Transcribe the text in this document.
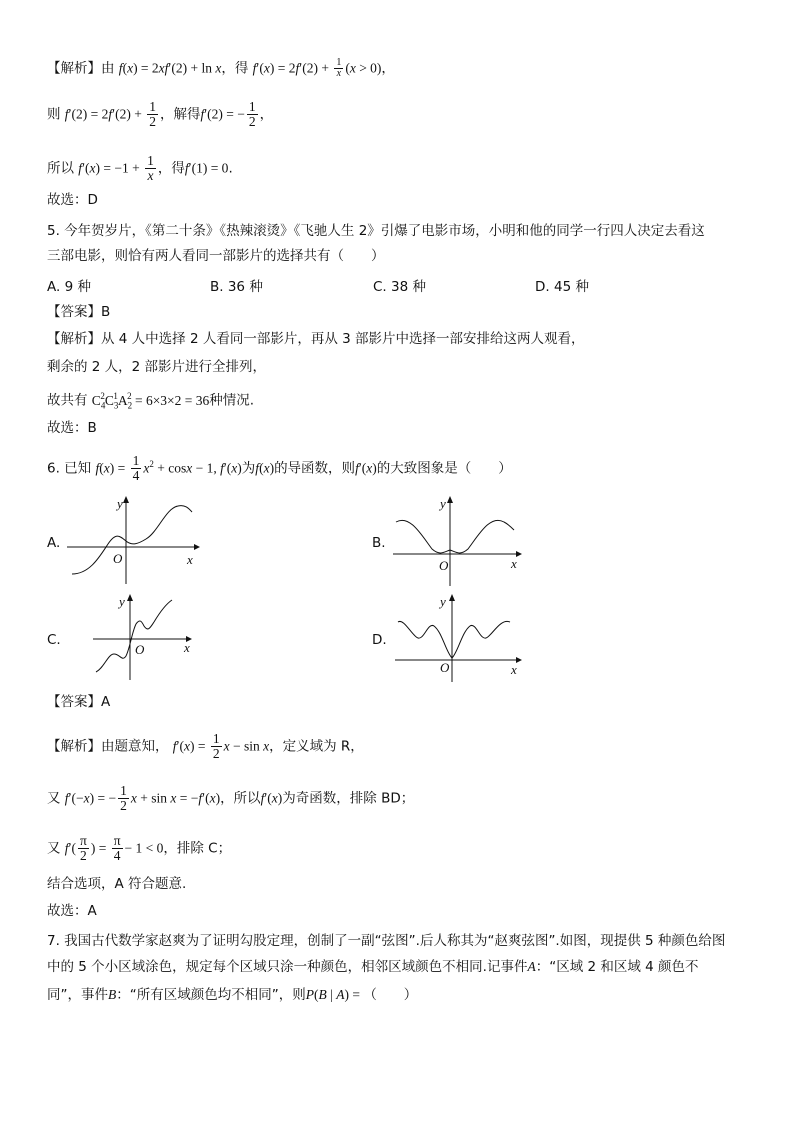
【解析】由 f(x) = 2xf′(2) + ln x，得 $f'(x) = 2f'(2) + \frac{1}{x} (x > 0)$，
则 $f'(2) = 2f'(2) + \frac{1}{2}$ ，解得f′(2) = − $\frac{1}{2}$ ，
所以 $f'(x) = -1 + \frac{1}{x}$ ，得f′(1) = 0.
故选：D
5. 今年贺岁片，《第二十条》《热辣滚烫》《飞驰人生 2》引爆了电影市场，小明和他的同学一行四人决定去看这
三部电影，则恰有两人看同一部影片的选择共有（　　）
A. 9 种	B. 36 种	C. 38 种	D. 45 种
【答案】B
【解析】从 4 人中选择 2 人看同一部影片，再从 3 部影片中选择一部安排给这两人观看，
剩余的 2 人，2 部影片进行全排列，
故共有 $C_4^2C_3^1A_2^2 = 6\times 3\times 2 = 36$种情况.
故选：B
6. 已知 $f(x) = \frac{1}{4} x^2 + \cos x - 1$, f′(x)为f(x)的导函数，则f′(x)的大致图象是（　　）
A.	B.
C.	D.
O	x
y
O	x
y
O	x
y
O	x
y
【答案】A
【解析】由题意知， $f'(x) = \frac{1}{2}$ x − sin x，定义域为 R，
又 f′(−x) = − $\frac{1}{2}$ x + sin x = −f′(x)，所以f′(x)为奇函数，排除 BD；
又 $f'( \frac{\pi}{2}$ ) = $\frac{\pi}{4} - 1 < 0$，排除 C；
结合选项，A 符合题意.
故选：A
7. 我国古代数学家赵爽为了证明勾股定理，创制了一副“弦图”.后人称其为“赵爽弦图”.如图，现提供 5 种颜色给图
中的 5 个小区域涂色，规定每个区域只涂一种颜色，相邻区域颜色不相同.记事件A：“区域 2 和区域 4 颜色不
同”，事件B：“所有区域颜色均不相同”，则P(B | A) = （　　）
